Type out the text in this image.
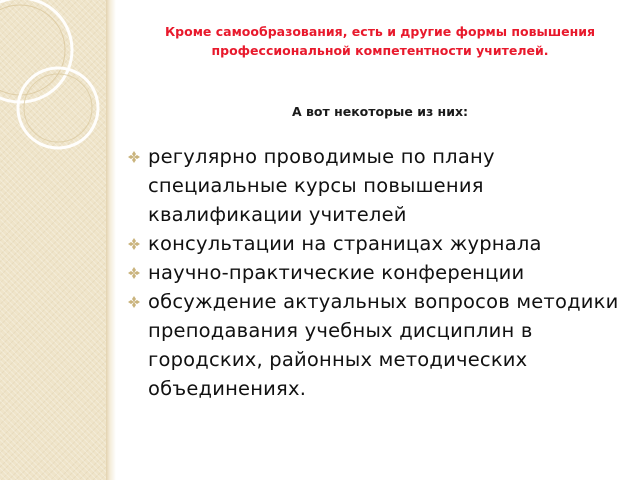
Кроме самообразования, есть и другие формы повышения профессиональной компетентности учителей.
А вот некоторые из них:
регулярно проводимые по плану специальные курсы повышения квалификации учителей
консультации на страницах журнала
научно-практические конференции
обсуждение актуальных вопросов методики преподавания учебных дисциплин в городских, районных методических объединениях.
